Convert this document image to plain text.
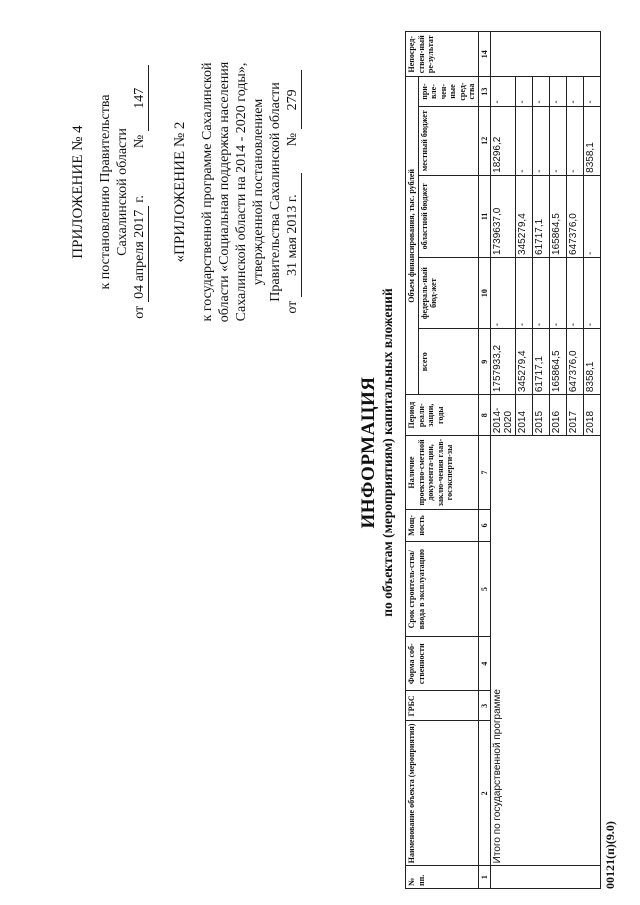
ПРИЛОЖЕНИЕ № 4 к постановлению Правительства Сахалинской области
от 04 апреля 2017 г.  № 147
«ПРИЛОЖЕНИЕ № 2 к государственной программе Сахалинской области «Социальная поддержка населения Сахалинской области на 2014 - 2020 годы», утвержденной постановлением Правительства Сахалинской области
от 31 мая 2013 г.  № 279
ИНФОРМАЦИЯ по объектам (мероприятиям) капитальных вложений
№ пп.	Наименование объекта (мероприятия)	ГРБС	Форма соб-ственности	Срок строитель-ства/ ввода в эксплуатацию	Мощ-ность	Наличие проектно-сметной документа-ции, заклю-чения глав-госэксперти-зы	Период реали-зации, годы	Объем финансирования, тыс. рублей					Непосред-ствен-ный ре-зультат
								всего	федераль-ный бюд-жет	областной бюджет	местный бюджет	при-вле-чен-ные сред-ства	
1	2	3	4	5	6	7	8	9	10	11	12	13	14
	Итого по государственной программе						2014-2020	1757933,2	-	1739637,0	18296,2	-	
							2014	345279,4	-	345279,4	-	-	
							2015	61717,1	-	61717,1	-	-	
							2016	165864,5	-	165864,5	-	-	
							2017	647376,0	-	647376,0	-	-	
							2018	8358,1	-	-	8358,1	-	
00121(п)(9.0)
